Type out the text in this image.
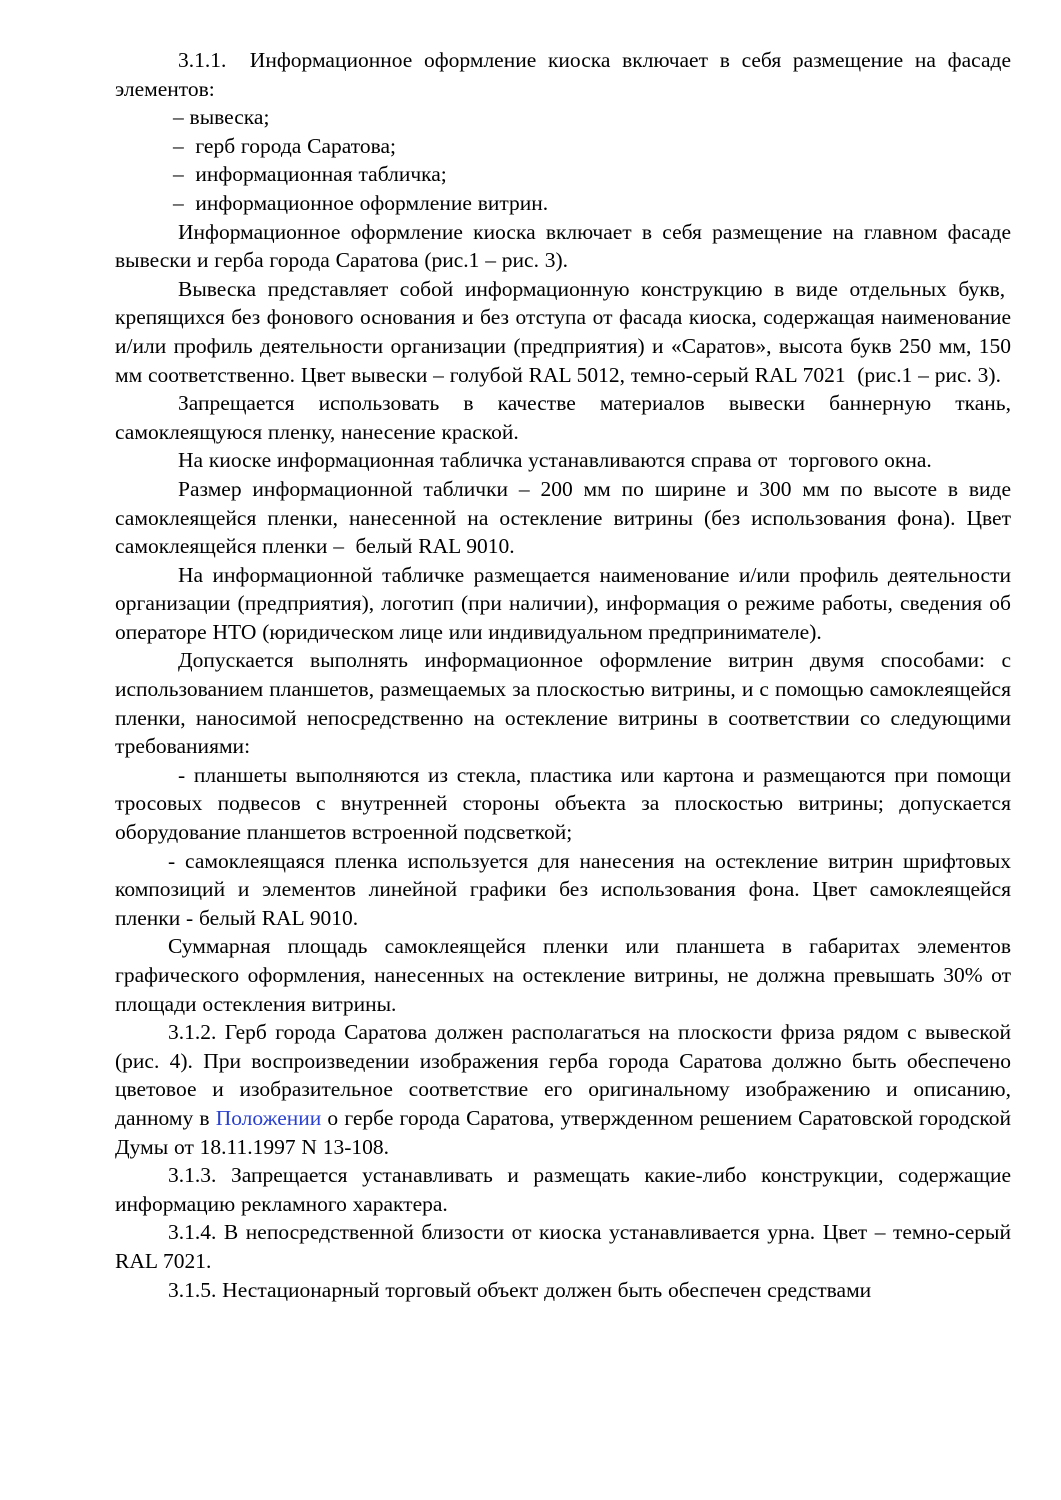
3.1.1.  Информационное оформление киоска включает в себя размещение на фасаде элементов:

– вывеска;

–  герб города Саратова;

–  информационная табличка;

–  информационное оформление витрин.

Информационное оформление киоска включает в себя размещение на главном фасаде вывески и герба города Саратова (рис.1 – рис. 3).

Вывеска представляет собой информационную конструкцию в виде отдельных букв,  крепящихся без фонового основания и без отступа от фасада киоска, содержащая наименование и/или профиль деятельности организации (предприятия) и «Саратов», высота букв 250 мм, 150 мм соответственно. Цвет вывески – голубой RAL 5012, темно-серый RAL 7021  (рис.1 – рис. 3).

Запрещается использовать в качестве материалов вывески баннерную ткань, самоклеящуюся пленку, нанесение краской.

На киоске информационная табличка устанавливаются справа от  торгового окна.

Размер информационной таблички – 200 мм по ширине и 300 мм по высоте в виде самоклеящейся пленки, нанесенной на остекление витрины (без использования фона). Цвет самоклеящейся пленки –  белый RAL 9010.

На информационной табличке размещается наименование и/или профиль деятельности организации (предприятия), логотип (при наличии), информация о режиме работы, сведения об операторе НТО (юридическом лице или индивидуальном предпринимателе).

Допускается выполнять информационное оформление витрин двумя способами: с использованием планшетов, размещаемых за плоскостью витрины, и с помощью самоклеящейся пленки, наносимой непосредственно на остекление витрины в соответствии со следующими требованиями:

- планшеты выполняются из стекла, пластика или картона и размещаются при помощи тросовых подвесов с внутренней стороны объекта за плоскостью витрины; допускается оборудование планшетов встроенной подсветкой;

- самоклеящаяся пленка используется для нанесения на остекление витрин шрифтовых композиций и элементов линейной графики без использования фона. Цвет самоклеящейся пленки - белый RAL 9010.

Суммарная площадь самоклеящейся пленки или планшета в габаритах элементов графического оформления, нанесенных на остекление витрины, не должна превышать 30% от площади остекления витрины.

3.1.2. Герб города Саратова должен располагаться на плоскости фриза рядом с вывеской (рис. 4). При воспроизведении изображения герба города Саратова должно быть обеспечено цветовое и изобразительное соответствие его оригинальному изображению и описанию, данному в Положении о гербе города Саратова, утвержденном решением Саратовской городской Думы от 18.11.1997 N 13-108.

3.1.3. Запрещается устанавливать и размещать какие-либо конструкции, содержащие информацию рекламного характера.

3.1.4. В непосредственной близости от киоска устанавливается урна. Цвет – темно-серый RAL 7021.

3.1.5. Нестационарный торговый объект должен быть обеспечен средствами
